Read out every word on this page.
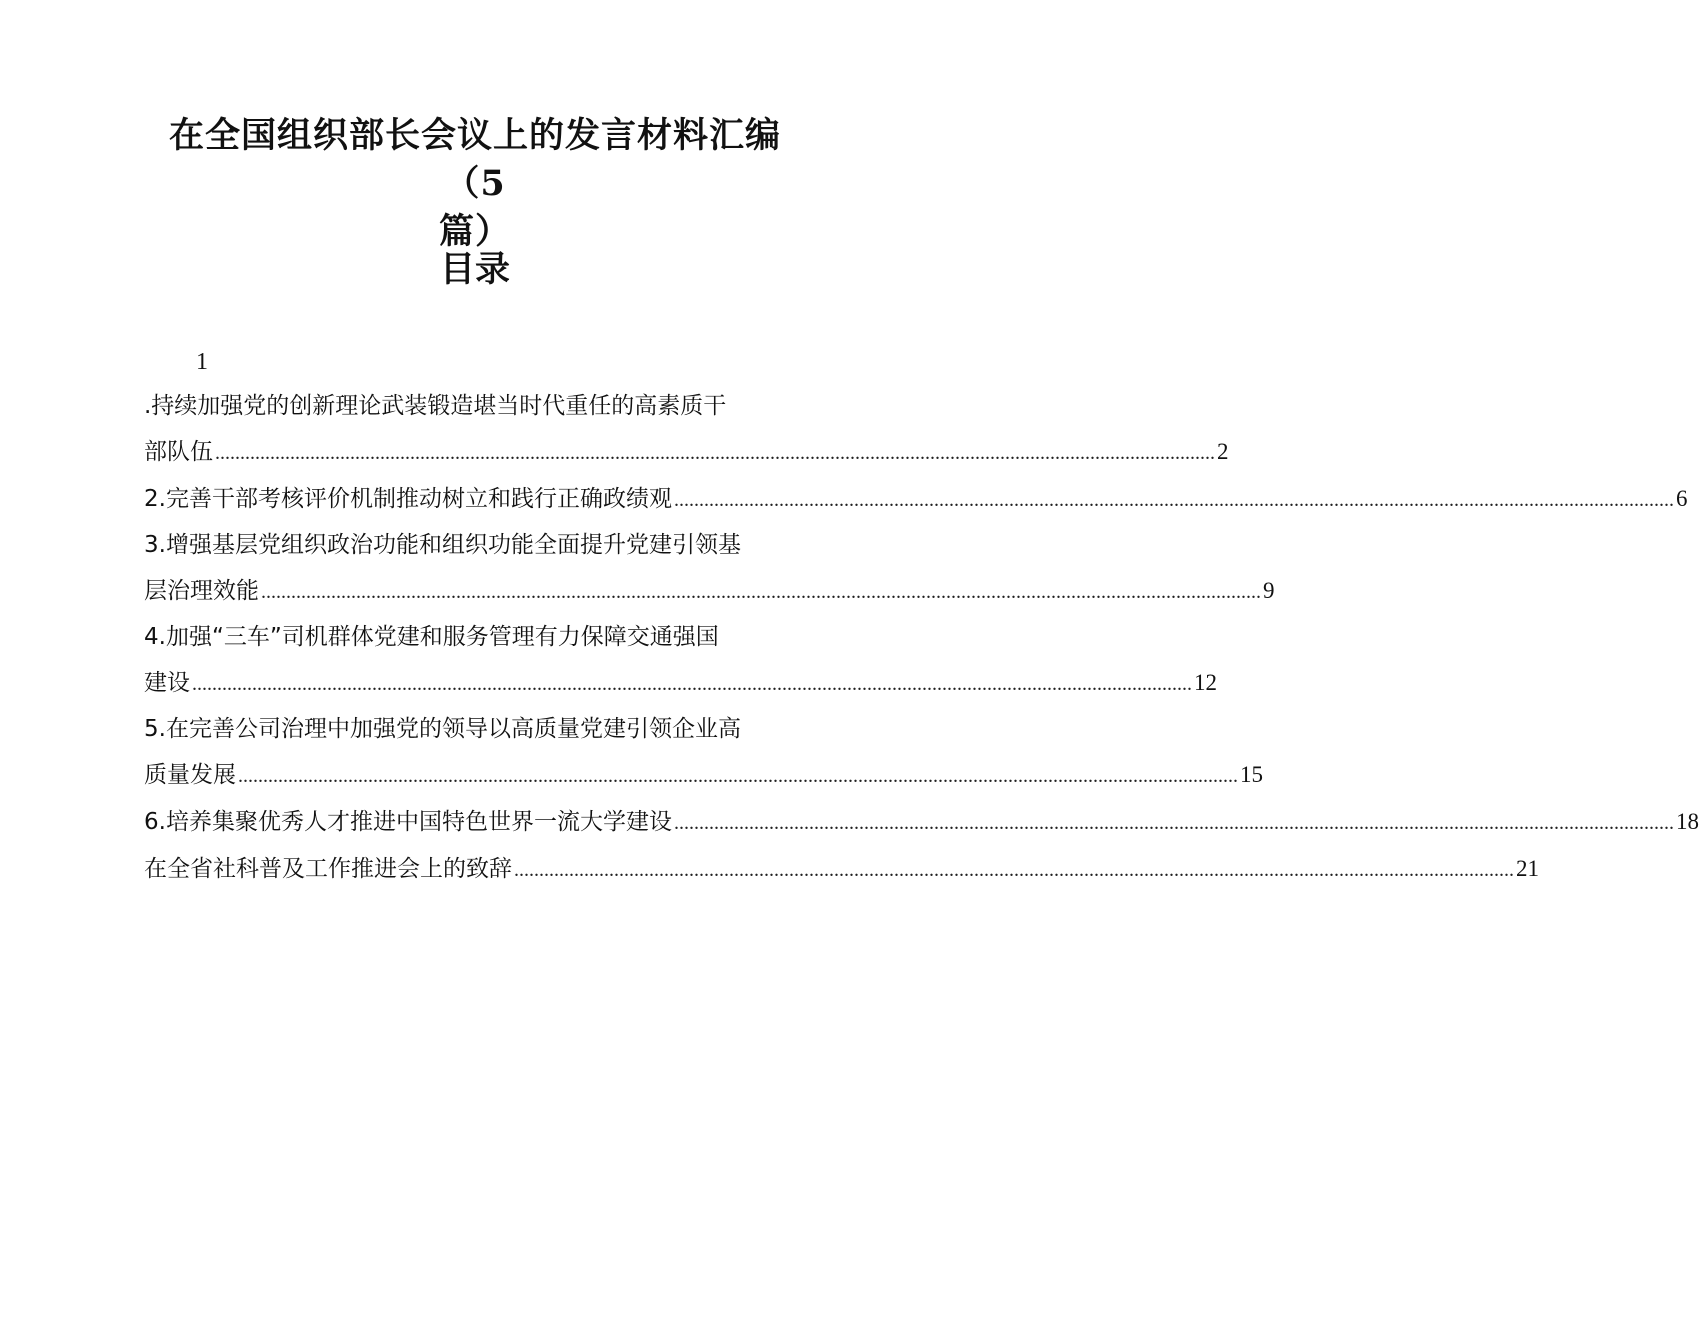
在全国组织部长会议上的发言材料汇编（5
篇）
目录
1
.持续加强党的创新理论武装锻造堪当时代重任的高素质干
部队伍 ........................................................................................................................................................................................................ 2
2.完善干部考核评价机制推动树立和践行正确政绩观 ........................................................................................................................................................................................................ 6
3.增强基层党组织政治功能和组织功能全面提升党建引领基
层治理效能 ........................................................................................................................................................................................................ 9
4.加强“三车”司机群体党建和服务管理有力保障交通强国
建设 ........................................................................................................................................................................................................ 12
5.在完善公司治理中加强党的领导以高质量党建引领企业高
质量发展 ........................................................................................................................................................................................................ 15
6.培养集聚优秀人才推进中国特色世界一流大学建设 ........................................................................................................................................................................................................ 18
在全省社科普及工作推进会上的致辞 ........................................................................................................................................................................................................ 21
